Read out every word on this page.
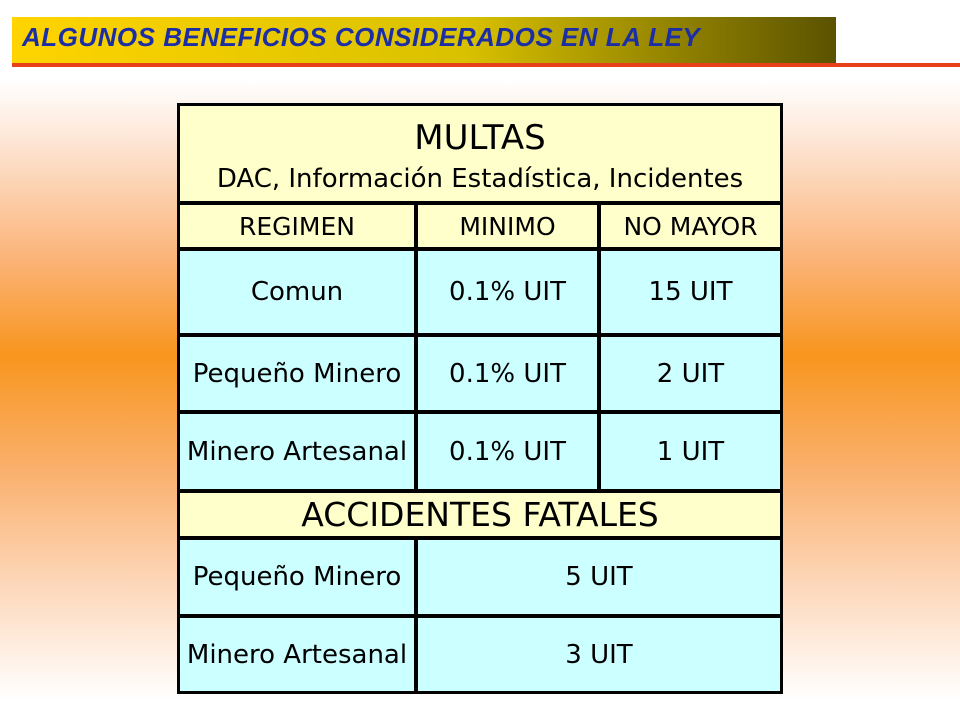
ALGUNOS BENEFICIOS CONSIDERADOS EN LA LEY
MULTAS
DAC, Información Estadística, Incidentes
REGIMEN	MINIMO	NO MAYOR
Comun	0.1% UIT	15 UIT
Pequeño Minero	0.1% UIT	2 UIT
Minero Artesanal	0.1% UIT	1 UIT
ACCIDENTES FATALES
Pequeño Minero	5 UIT
Minero Artesanal	3 UIT
